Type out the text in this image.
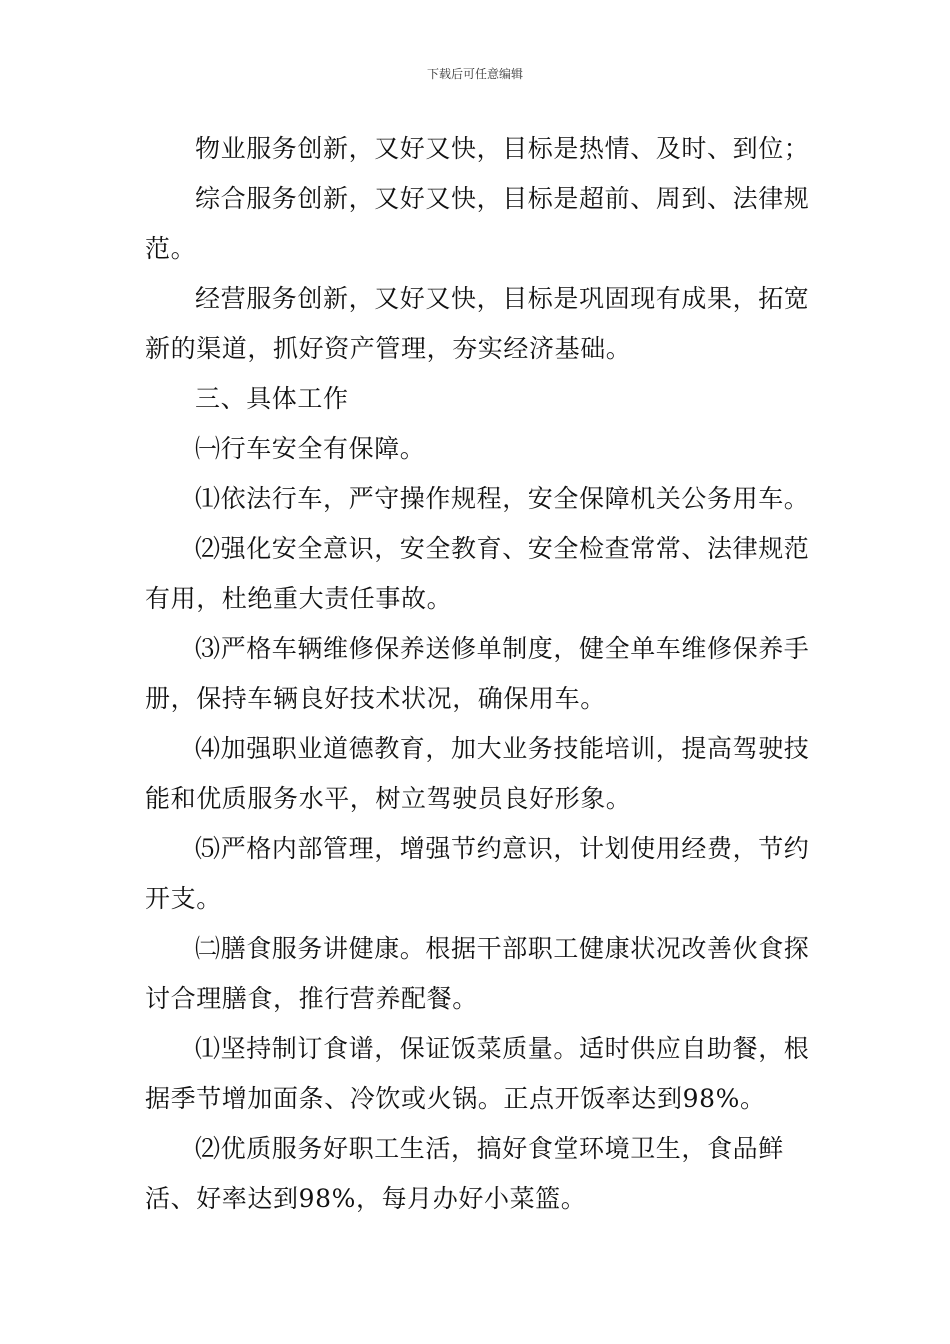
下载后可任意编辑

物业服务创新，又好又快，目标是热情、及时、到位；

综合服务创新，又好又快，目标是超前、周到、法律规范。

经营服务创新，又好又快，目标是巩固现有成果，拓宽新的渠道，抓好资产管理，夯实经济基础。

三、具体工作

㈠行车安全有保障。

⑴依法行车，严守操作规程，安全保障机关公务用车。

⑵强化安全意识，安全教育、安全检查常常、法律规范有用，杜绝重大责任事故。

⑶严格车辆维修保养送修单制度，健全单车维修保养手册，保持车辆良好技术状况，确保用车。

⑷加强职业道德教育，加大业务技能培训，提高驾驶技能和优质服务水平，树立驾驶员良好形象。

⑸严格内部管理，增强节约意识，计划使用经费，节约开支。

㈡膳食服务讲健康。根据干部职工健康状况改善伙食探讨合理膳食，推行营养配餐。

⑴坚持制订食谱，保证饭菜质量。适时供应自助餐，根据季节增加面条、冷饮或火锅。正点开饭率达到98%。

⑵优质服务好职工生活，搞好食堂环境卫生，食品鲜活、好率达到98%，每月办好小菜篮。
